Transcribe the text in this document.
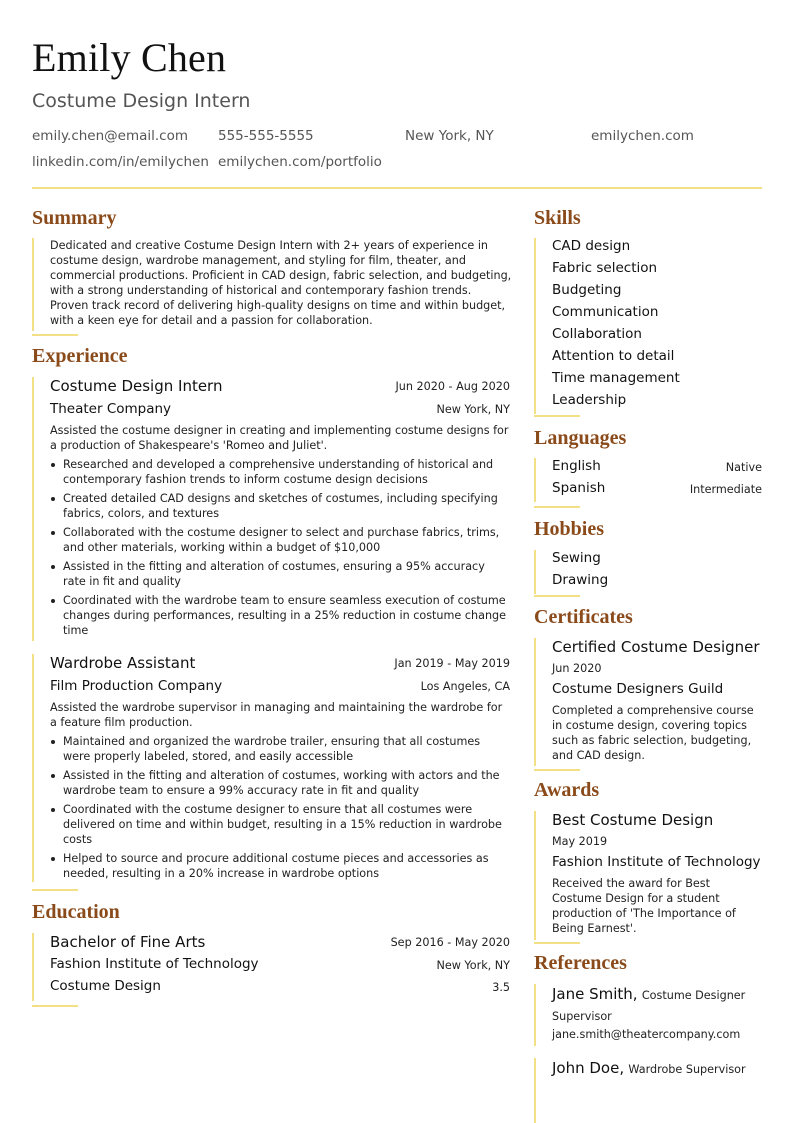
Emily Chen
Costume Design Intern
emily.chen@email.com 555-555-5555	New York, NY	emilychen.com
linkedin.com/in/emilychen emilychen.com/portfolio
Summary

Dedicated and creative Costume Design Intern with 2+ years of experience in costume design, wardrobe management, and styling for film, theater, and commercial productions. Proficient in CAD design, fabric selection, and budgeting, with a strong understanding of historical and contemporary fashion trends. Proven track record of delivering high-quality designs on time and within budget, with a keen eye for detail and a passion for collaboration.

Experience
Costume Design Intern	Jun 2020 - Aug 2020
Theater Company	New York, NY

Assisted the costume designer in creating and implementing costume designs for a production of Shakespeare's 'Romeo and Juliet'.

Researched and developed a comprehensive understanding of historical and contemporary fashion trends to inform costume design decisions
Created detailed CAD designs and sketches of costumes, including specifying fabrics, colors, and textures
Collaborated with the costume designer to select and purchase fabrics, trims, and other materials, working within a budget of $10,000
Assisted in the fitting and alteration of costumes, ensuring a 95% accuracy rate in fit and quality
Coordinated with the wardrobe team to ensure seamless execution of costume changes during performances, resulting in a 25% reduction in costume change time
Wardrobe Assistant	Jan 2019 - May 2019
Film Production Company	Los Angeles, CA

Assisted the wardrobe supervisor in managing and maintaining the wardrobe for a feature film production.

Maintained and organized the wardrobe trailer, ensuring that all costumes were properly labeled, stored, and easily accessible
Assisted in the fitting and alteration of costumes, working with actors and the wardrobe team to ensure a 99% accuracy rate in fit and quality
Coordinated with the costume designer to ensure that all costumes were delivered on time and within budget, resulting in a 15% reduction in wardrobe costs
Helped to source and procure additional costume pieces and accessories as needed, resulting in a 20% increase in wardrobe options
Education
Bachelor of Fine Arts	Sep 2016 - May 2020
Fashion Institute of Technology	New York, NY
Costume Design	3.5
Skills
CAD design
Fabric selection
Budgeting
Communication
Collaboration
Attention to detail
Time management
Leadership
Languages
English	Native
Spanish	Intermediate
Hobbies
Sewing
Drawing
Certificates
Certified Costume Designer
Jun 2020
Costume Designers Guild

Completed a comprehensive course in costume design, covering topics such as fabric selection, budgeting, and CAD design.

Awards
Best Costume Design
May 2019
Fashion Institute of Technology

Received the award for Best Costume Design for a student production of 'The Importance of Being Earnest'.

References
Jane Smith, Costume Designer Supervisor
jane.smith@theatercompany.com
John Doe, Wardrobe Supervisor
